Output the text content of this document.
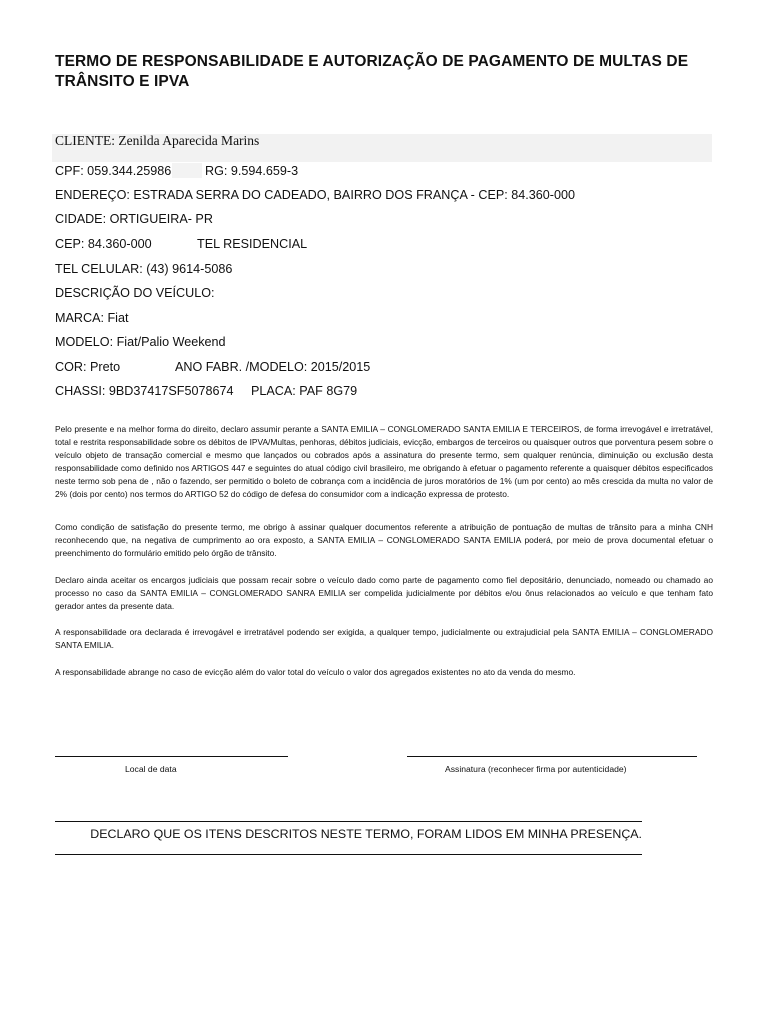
TERMO DE RESPONSABILIDADE E AUTORIZAÇÃO DE PAGAMENTO DE MULTAS DE TRÂNSITO E IPVA
CLIENTE: Zenilda Aparecida Marins
CPF: 059.344.25986	RG: 9.594.659-3
ENDEREÇO: ESTRADA SERRA DO CADEADO, BAIRRO DOS FRANÇA - CEP: 84.360-000
CIDADE: ORTIGUEIRA- PR
CEP: 84.360-000	TEL RESIDENCIAL
TEL CELULAR: (43) 9614-5086
DESCRIÇÃO DO VEÍCULO:
MARCA: Fiat
MODELO: Fiat/Palio Weekend
COR: Preto	ANO FABR. /MODELO: 2015/2015
CHASSI: 9BD37417SF5078674 PLACA: PAF 8G79
Pelo presente e na melhor forma do direito, declaro assumir perante a SANTA EMILIA – CONGLOMERADO SANTA EMILIA E TERCEIROS, de forma irrevogável e irretratável, total e restrita responsabilidade sobre os débitos de IPVA/Multas, penhoras, débitos judiciais, evicção, embargos de terceiros ou quaisquer outros que porventura pesem sobre o veículo objeto de transação comercial e mesmo que lançados ou cobrados após a assinatura do presente termo, sem qualquer renúncia, diminuição ou exclusão desta responsabilidade como definido nos ARTIGOS 447 e seguintes do atual código civil brasileiro, me obrigando à efetuar o pagamento referente a quaisquer débitos especificados neste termo sob pena de , não o fazendo, ser permitido o boleto de cobrança com a incidência de juros moratórios de 1% (um por cento) ao mês crescida da multa no valor de 2% (dois por cento) nos termos do ARTIGO 52 do código de defesa do consumidor com a indicação expressa de protesto.
Como condição de satisfação do presente termo, me obrigo à assinar qualquer documentos referente a atribuição de pontuação de multas de trânsito para a minha CNH reconhecendo que, na negativa de cumprimento ao ora exposto, a SANTA EMILIA – CONGLOMERADO SANTA EMILIA poderá, por meio de prova documental efetuar o preenchimento do formulário emitido pelo órgão de trânsito.
Declaro ainda aceitar os encargos judiciais que possam recair sobre o veículo dado como parte de pagamento como fiel depositário, denunciado, nomeado ou chamado ao processo no caso da SANTA EMILIA – CONGLOMERADO SANRA EMILIA ser compelida judicialmente por débitos e/ou ônus relacionados ao veículo e que tenham fato gerador antes da presente data.
A responsabilidade ora declarada é irrevogável e irretratável podendo ser exigida, a qualquer tempo, judicialmente ou extrajudicial pela SANTA EMILIA – CONGLOMERADO SANTA EMILIA.
A responsabilidade abrange no caso de evicção além do valor total do veículo o valor dos agregados existentes no ato da venda do mesmo.
Local de data	Assinatura (reconhecer firma por autenticidade)
DECLARO QUE OS ITENS DESCRITOS NESTE TERMO, FORAM LIDOS EM MINHA PRESENÇA.
